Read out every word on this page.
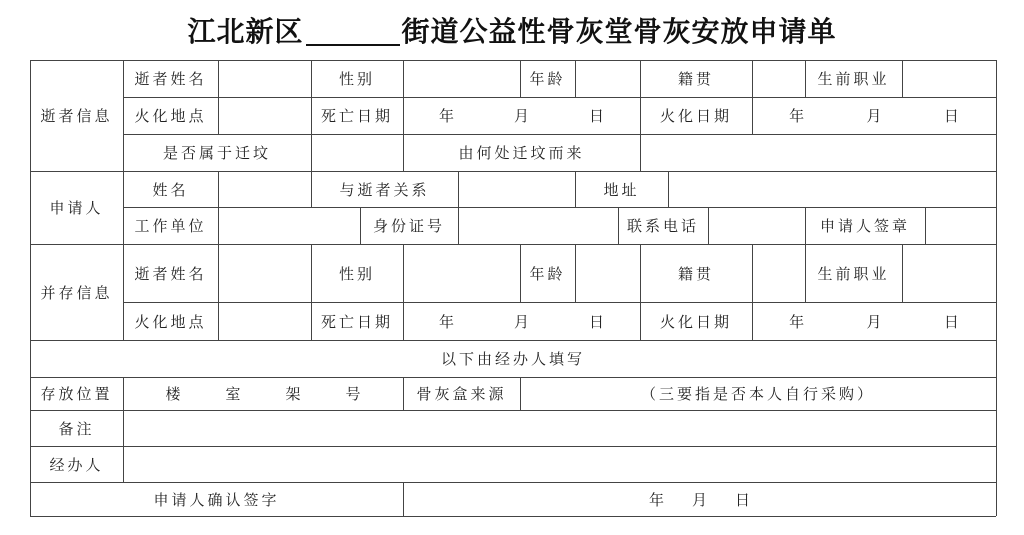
江北新区	街道公益性骨灰堂骨灰安放申请单
逝者信息
逝者姓名	性别	年龄	籍贯	生前职业
火化地点	死亡日期	年	月	日	火化日期	年	月	日
是否属于迁坟	由何处迁坟而来
申请人
姓名	与逝者关系	地址
工作单位	身份证号	联系电话	申请人签章
并存信息
逝者姓名	性别	年龄	籍贯	生前职业
火化地点	死亡日期	年	月	日	火化日期	年	月	日
以下由经办人填写
存放位置	楼	室	架	号	骨灰盒来源	（三要指是否本人自行采购）
备注
经办人
申请人确认签字	年 月 日
